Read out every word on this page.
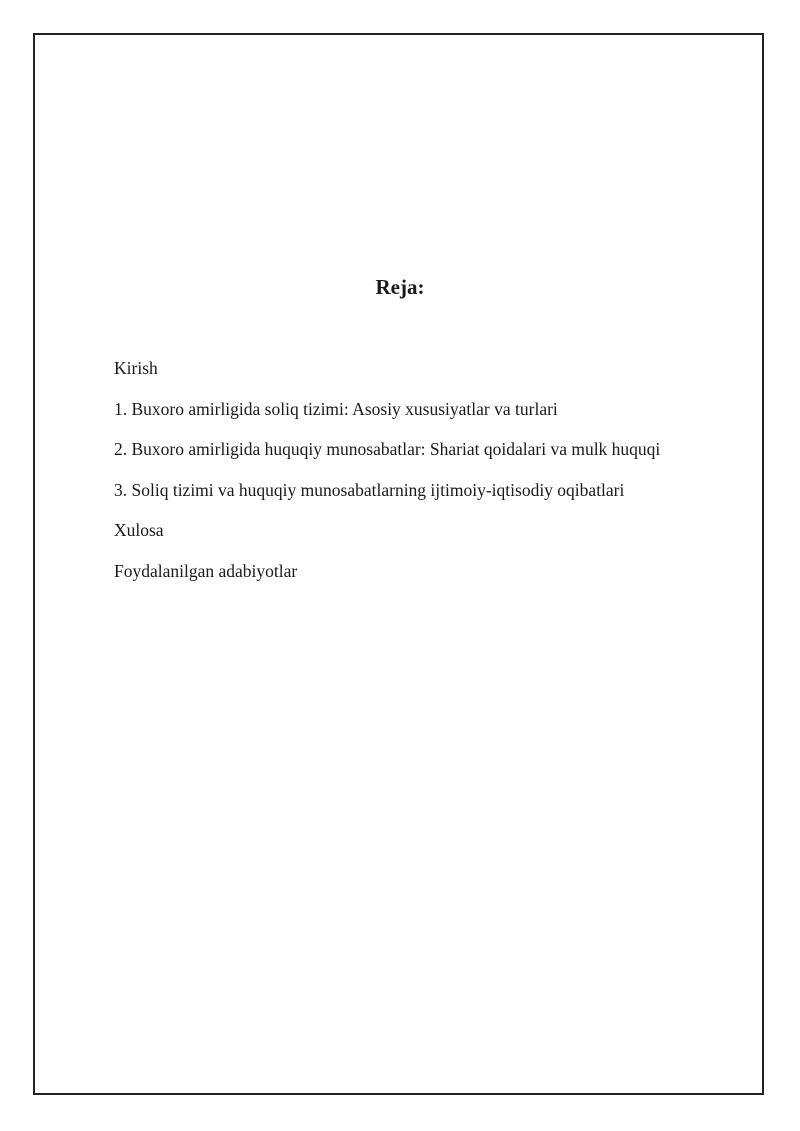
Reja:
Kirish
1. Buxoro amirligida soliq tizimi: Asosiy xususiyatlar va turlari
2. Buxoro amirligida huquqiy munosabatlar: Shariat qoidalari va mulk huquqi
3. Soliq tizimi va huquqiy munosabatlarning ijtimoiy-iqtisodiy oqibatlari
Xulosa
Foydalanilgan adabiyotlar
